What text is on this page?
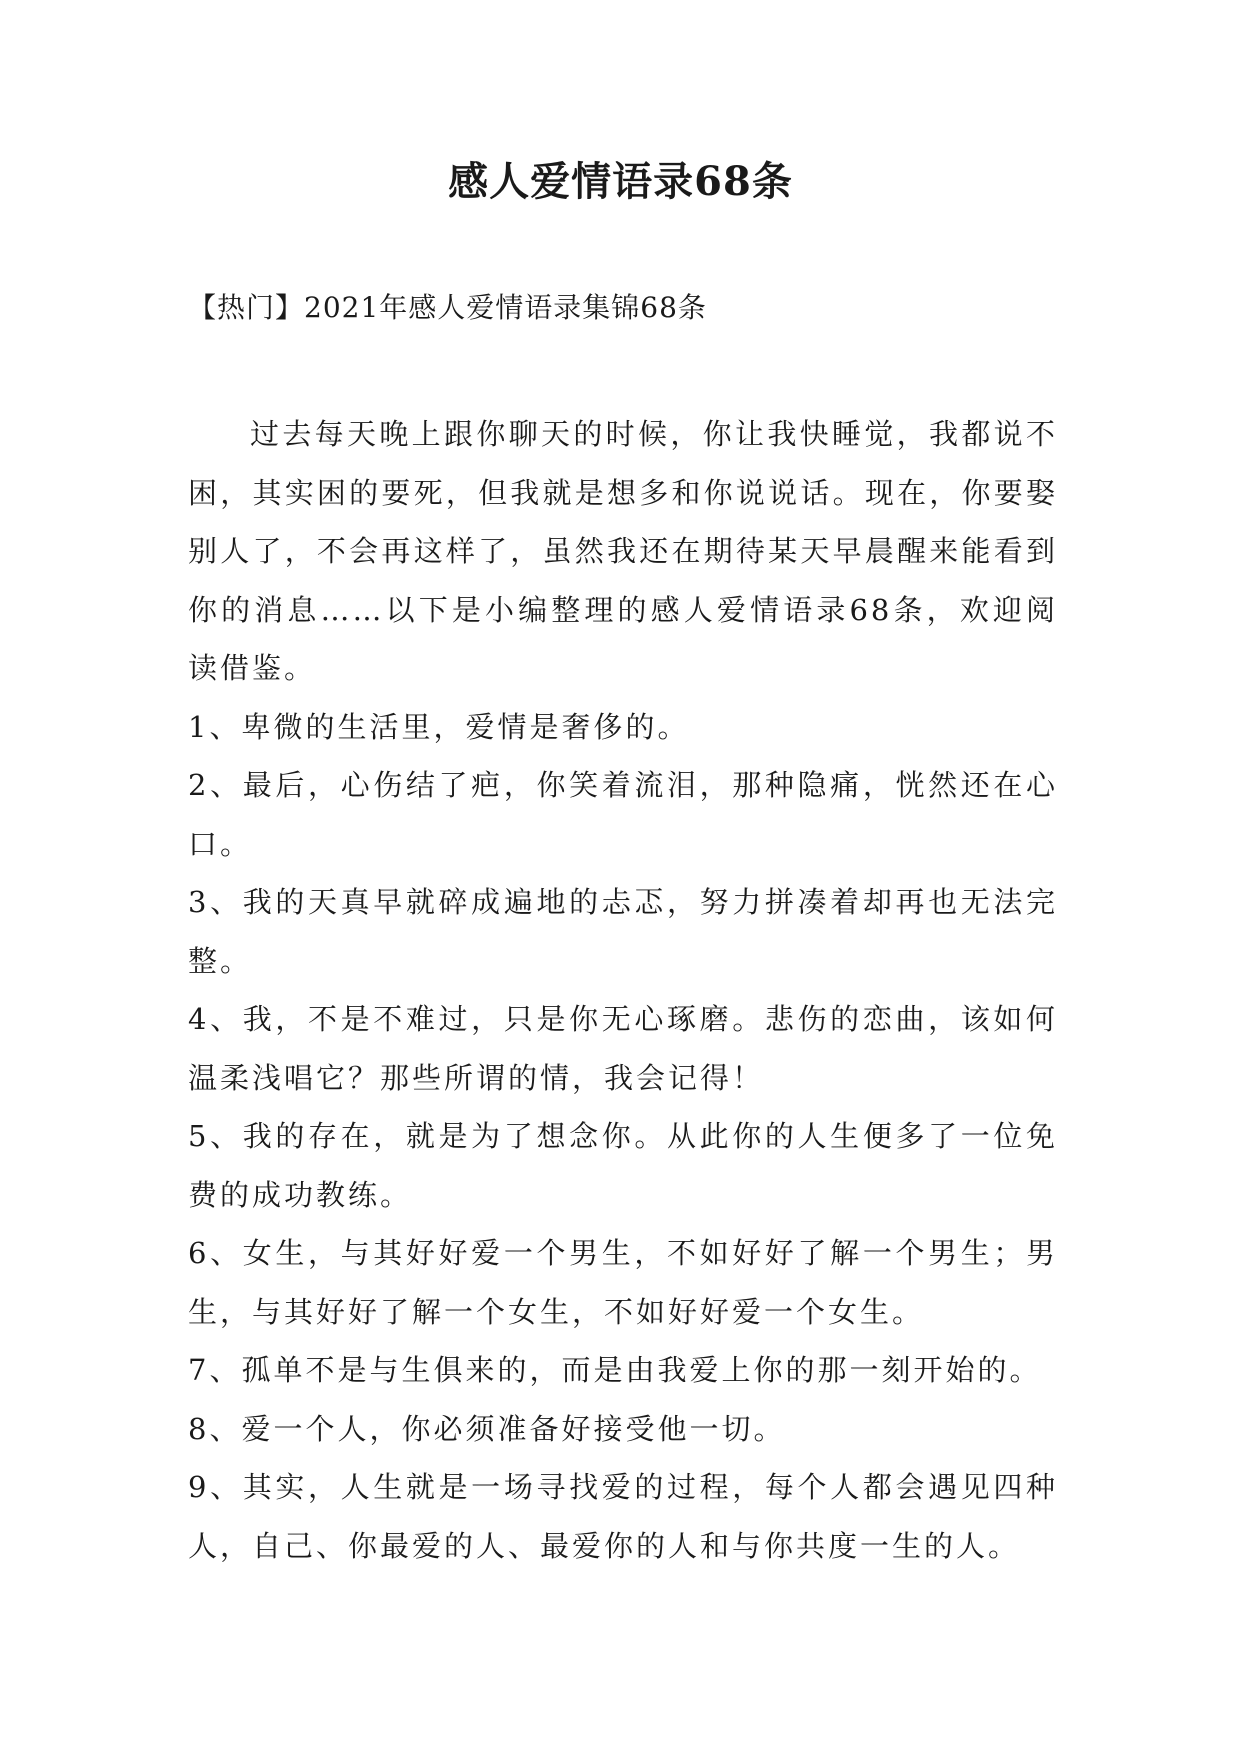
感人爱情语录68条

【热门】2021年感人爱情语录集锦68条

过去每天晚上跟你聊天的时候，你让我快睡觉，我都说不困，其实困的要死，但我就是想多和你说说话。现在，你要娶别人了，不会再这样了，虽然我还在期待某天早晨醒来能看到你的消息……以下是小编整理的感人爱情语录68条，欢迎阅读借鉴。

1、卑微的生活里，爱情是奢侈的。

2、最后，心伤结了疤，你笑着流泪，那种隐痛，恍然还在心口。

3、我的天真早就碎成遍地的忐忑，努力拼凑着却再也无法完整。

4、我，不是不难过，只是你无心琢磨。悲伤的恋曲，该如何温柔浅唱它？那些所谓的情，我会记得！

5、我的存在，就是为了想念你。从此你的人生便多了一位免费的成功教练。

6、女生，与其好好爱一个男生，不如好好了解一个男生；男生，与其好好了解一个女生，不如好好爱一个女生。

7、孤单不是与生俱来的，而是由我爱上你的那一刻开始的。

8、爱一个人，你必须准备好接受他一切。

9、其实，人生就是一场寻找爱的过程，每个人都会遇见四种人，自己、你最爱的人、最爱你的人和与你共度一生的人。
